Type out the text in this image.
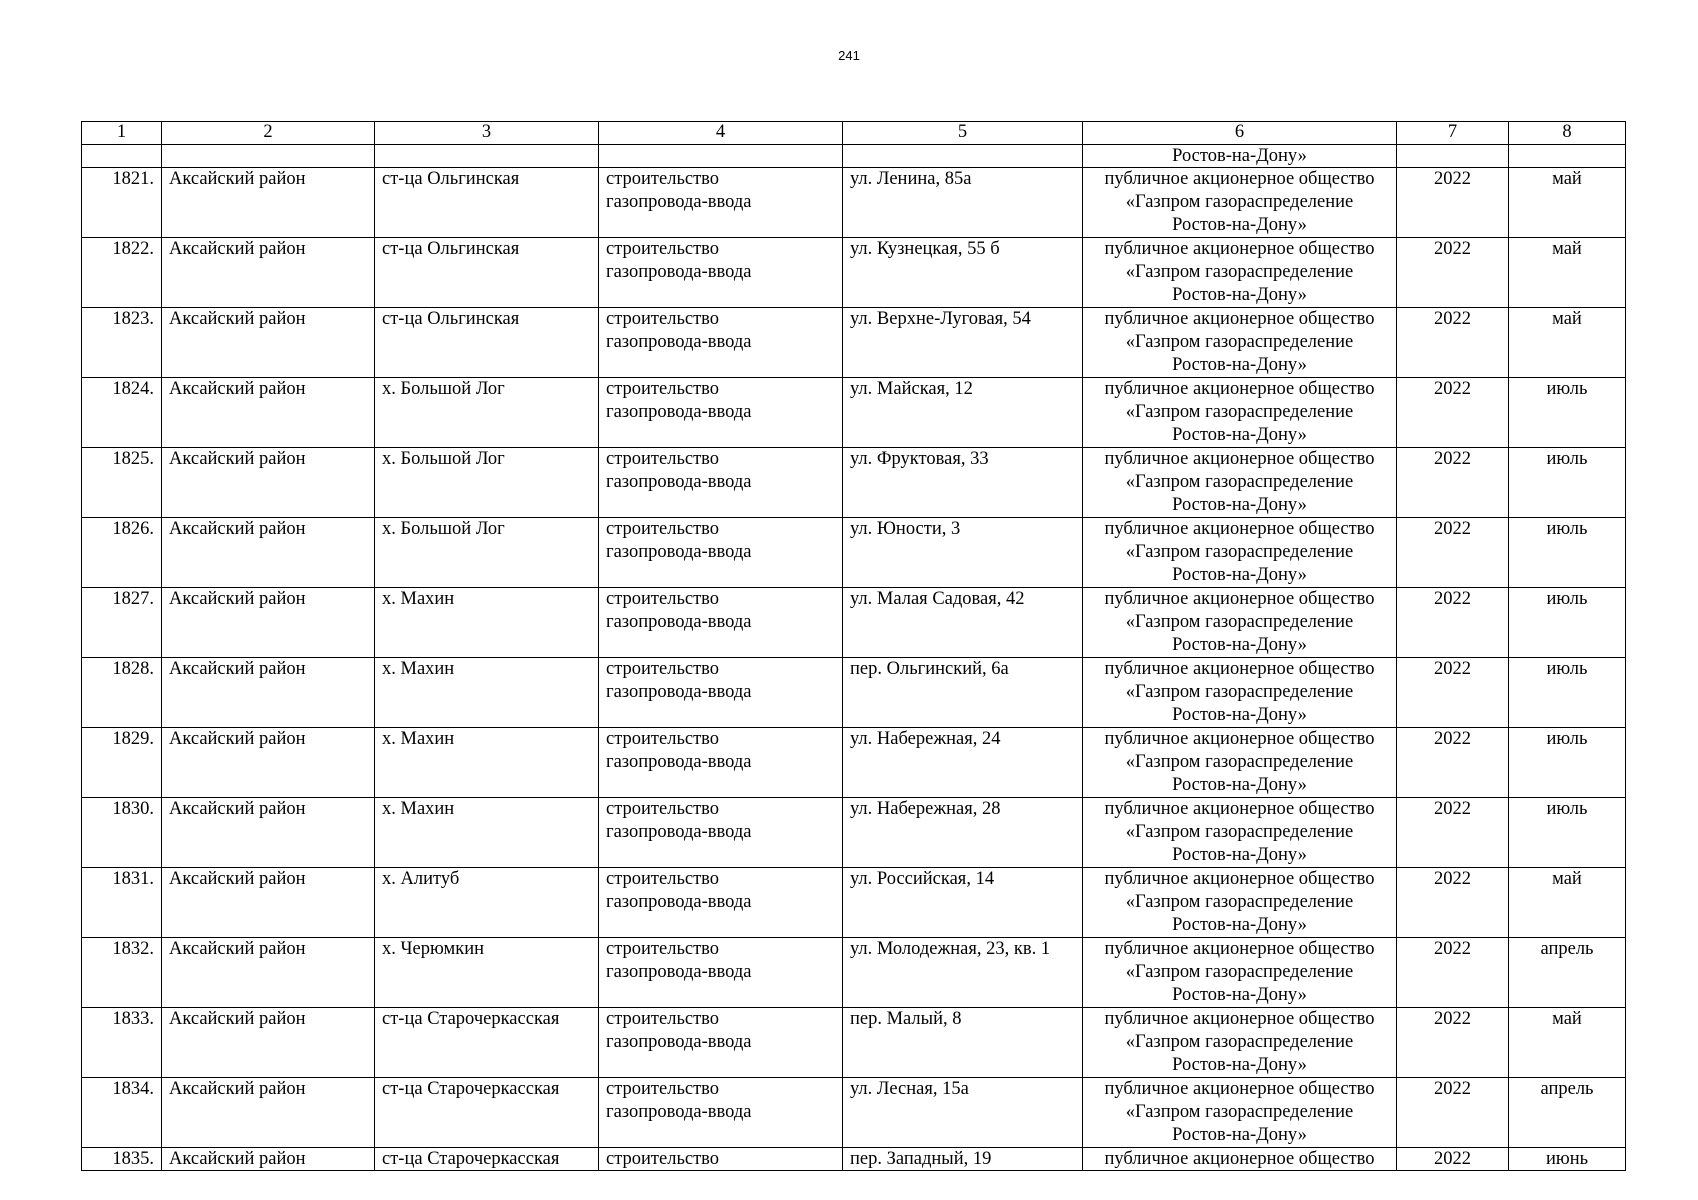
241
1	2	3	4	5	6	7	8
					Ростов-на-Дону»		
1821.	Аксайский район	ст-ца Ольгинская	строительство
газопровода-ввода	ул. Ленина, 85а	публичное акционерное общество
«Газпром газораспределение
Ростов-на-Дону»	2022	май
1822.	Аксайский район	ст-ца Ольгинская	строительство
газопровода-ввода	ул. Кузнецкая, 55 б	публичное акционерное общество
«Газпром газораспределение
Ростов-на-Дону»	2022	май
1823.	Аксайский район	ст-ца Ольгинская	строительство
газопровода-ввода	ул. Верхне-Луговая, 54	публичное акционерное общество
«Газпром газораспределение
Ростов-на-Дону»	2022	май
1824.	Аксайский район	х. Большой Лог	строительство
газопровода-ввода	ул. Майская, 12	публичное акционерное общество
«Газпром газораспределение
Ростов-на-Дону»	2022	июль
1825.	Аксайский район	х. Большой Лог	строительство
газопровода-ввода	ул. Фруктовая, 33	публичное акционерное общество
«Газпром газораспределение
Ростов-на-Дону»	2022	июль
1826.	Аксайский район	х. Большой Лог	строительство
газопровода-ввода	ул. Юности, 3	публичное акционерное общество
«Газпром газораспределение
Ростов-на-Дону»	2022	июль
1827.	Аксайский район	х. Махин	строительство
газопровода-ввода	ул. Малая Садовая, 42	публичное акционерное общество
«Газпром газораспределение
Ростов-на-Дону»	2022	июль
1828.	Аксайский район	х. Махин	строительство
газопровода-ввода	пер. Ольгинский, 6а	публичное акционерное общество
«Газпром газораспределение
Ростов-на-Дону»	2022	июль
1829.	Аксайский район	х. Махин	строительство
газопровода-ввода	ул. Набережная, 24	публичное акционерное общество
«Газпром газораспределение
Ростов-на-Дону»	2022	июль
1830.	Аксайский район	х. Махин	строительство
газопровода-ввода	ул. Набережная, 28	публичное акционерное общество
«Газпром газораспределение
Ростов-на-Дону»	2022	июль
1831.	Аксайский район	х. Алитуб	строительство
газопровода-ввода	ул. Российская, 14	публичное акционерное общество
«Газпром газораспределение
Ростов-на-Дону»	2022	май
1832.	Аксайский район	х. Черюмкин	строительство
газопровода-ввода	ул. Молодежная, 23, кв. 1	публичное акционерное общество
«Газпром газораспределение
Ростов-на-Дону»	2022	апрель
1833.	Аксайский район	ст-ца Старочеркасская	строительство
газопровода-ввода	пер. Малый, 8	публичное акционерное общество
«Газпром газораспределение
Ростов-на-Дону»	2022	май
1834.	Аксайский район	ст-ца Старочеркасская	строительство
газопровода-ввода	ул. Лесная, 15а	публичное акционерное общество
«Газпром газораспределение
Ростов-на-Дону»	2022	апрель
1835.	Аксайский район	ст-ца Старочеркасская	строительство	пер. Западный, 19	публичное акционерное общество	2022	июнь
